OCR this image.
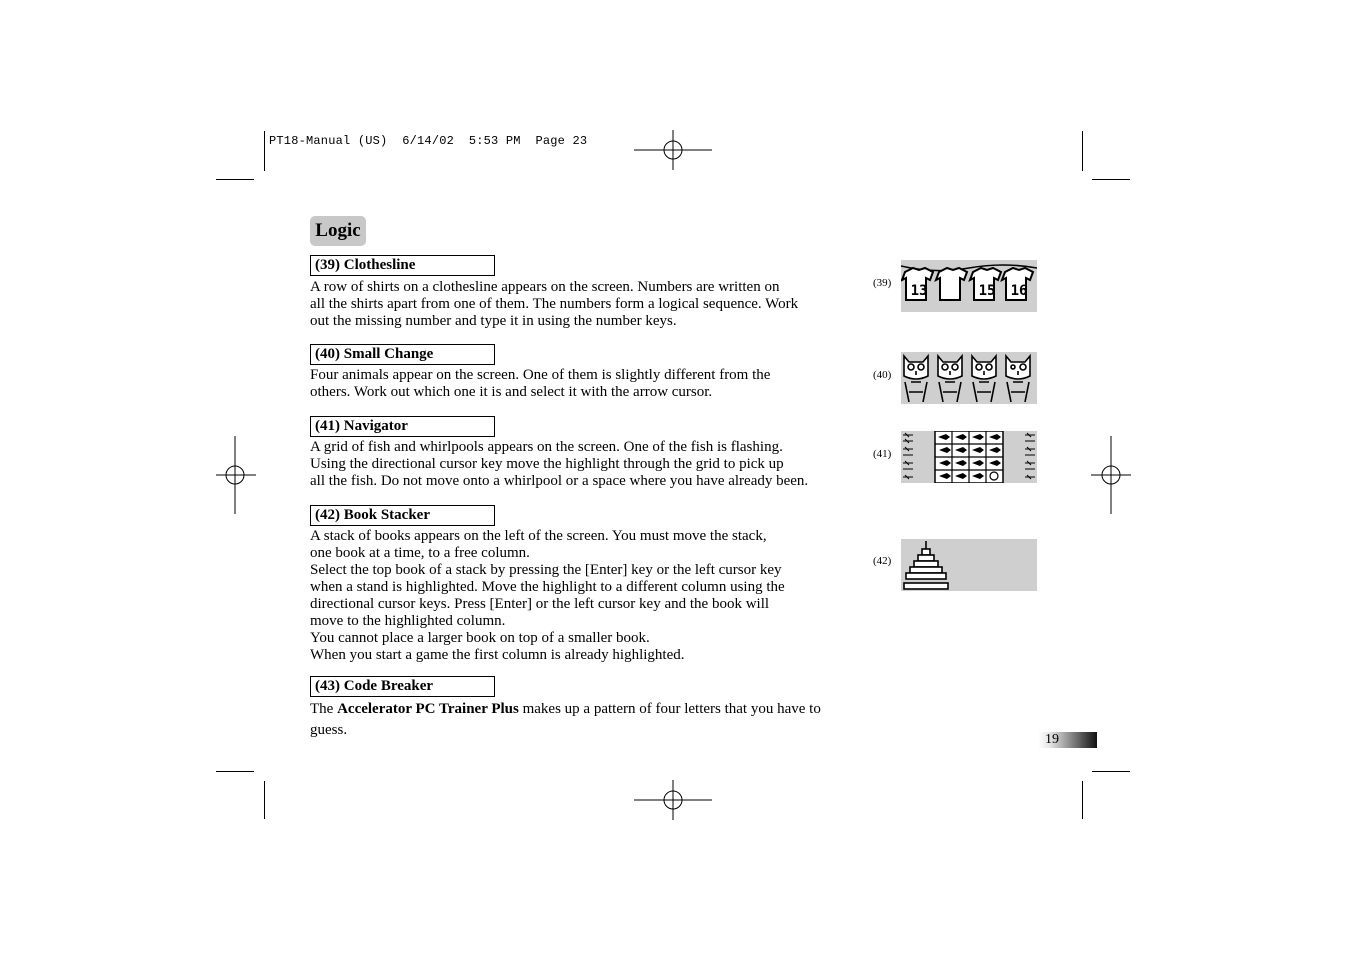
PT18-Manual (US)  6/14/02  5:53 PM  Page 23
Logic
(39) Clothesline
A row of shirts on a clothesline appears on the screen. Numbers are written on
all the shirts apart from one of them. The numbers form a logical sequence. Work
out the missing number and type it in using the number keys.
(40) Small Change
Four animals appear on the screen. One of them is slightly different from the
others. Work out which one it is and select it with the arrow cursor.
(41) Navigator
A grid of fish and whirlpools appears on the screen. One of the fish is flashing.
Using the directional cursor key move the highlight through the grid to pick up
all the fish. Do not move onto a whirlpool or a space where you have already been.
(42) Book Stacker
A stack of books appears on the left of the screen. You must move the stack,
one book at a time, to a free column.
Select the top book of a stack by pressing the [Enter] key or the left cursor key
when a stand is highlighted. Move the highlight to a different column using the
directional cursor keys. Press [Enter] or the left cursor key and the book will
move to the highlighted column.
You cannot place a larger book on top of a smaller book.
When you start a game the first column is already highlighted.
(43) Code Breaker
The Accelerator PC Trainer Plus makes up a pattern of four letters that you have to
guess.
(39)
(40)
(41)
(42)
13	15 16
19
